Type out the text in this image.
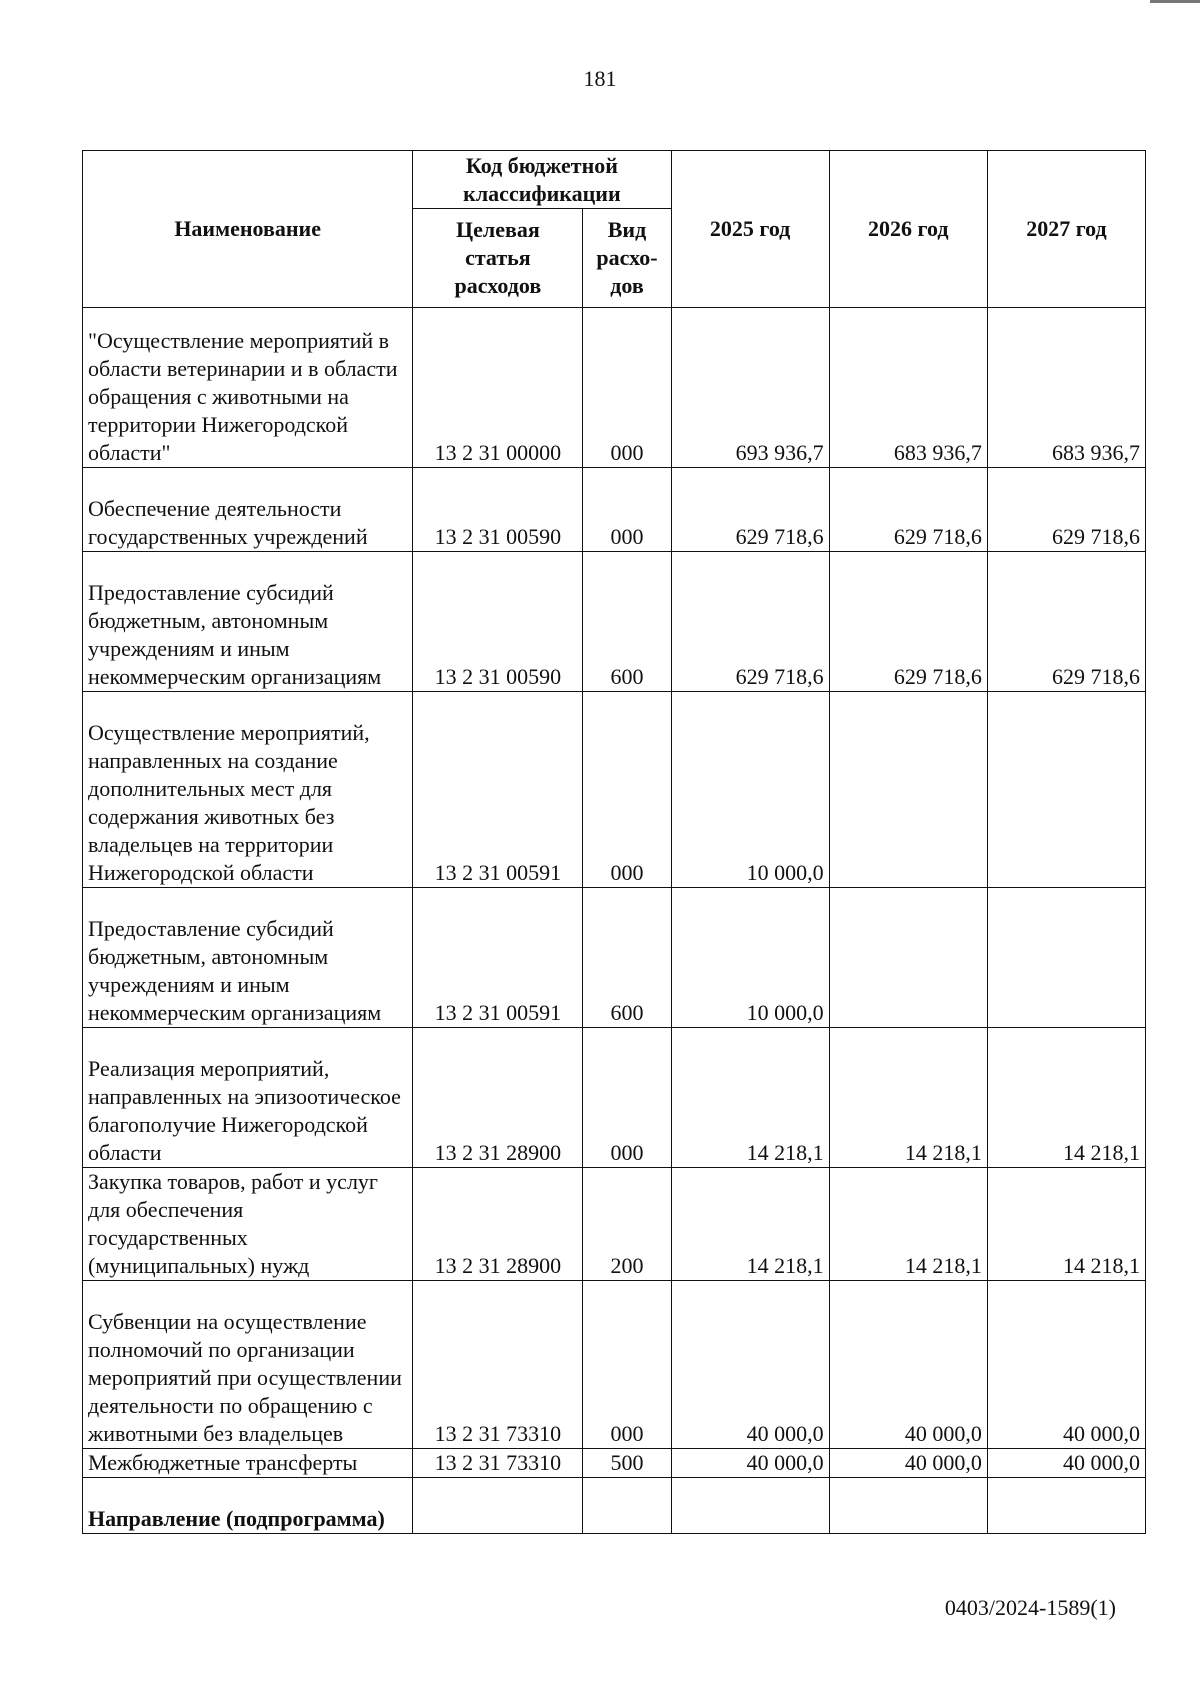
181
Наименование	Код бюджетной классификации		2025 год	2026 год	2027 год
	Целевая статья расходов	Вид расхо-дов			
"Осуществление мероприятий в области ветеринарии и в области обращения с животными на территории Нижегородской области"	13 2 31 00000	000	693 936,7	683 936,7	683 936,7
Обеспечение деятельности государственных учреждений	13 2 31 00590	000	629 718,6	629 718,6	629 718,6
Предоставление субсидий бюджетным, автономным учреждениям и иным некоммерческим организациям	13 2 31 00590	600	629 718,6	629 718,6	629 718,6
Осуществление мероприятий, направленных на создание дополнительных мест для содержания животных без владельцев на территории Нижегородской области	13 2 31 00591	000	10 000,0		
Предоставление субсидий бюджетным, автономным учреждениям и иным некоммерческим организациям	13 2 31 00591	600	10 000,0		
Реализация мероприятий, направленных на эпизоотическое благополучие Нижегородской области	13 2 31 28900	000	14 218,1	14 218,1	14 218,1
Закупка товаров, работ и услуг для обеспечения государственных (муниципальных) нужд	13 2 31 28900	200	14 218,1	14 218,1	14 218,1
Субвенции на осуществление полномочий по организации мероприятий при осуществлении деятельности по обращению с животными без владельцев	13 2 31 73310	000	40 000,0	40 000,0	40 000,0
Межбюджетные трансферты	13 2 31 73310	500	40 000,0	40 000,0	40 000,0
Направление (подпрограмма)					
0403/2024-1589(1)
